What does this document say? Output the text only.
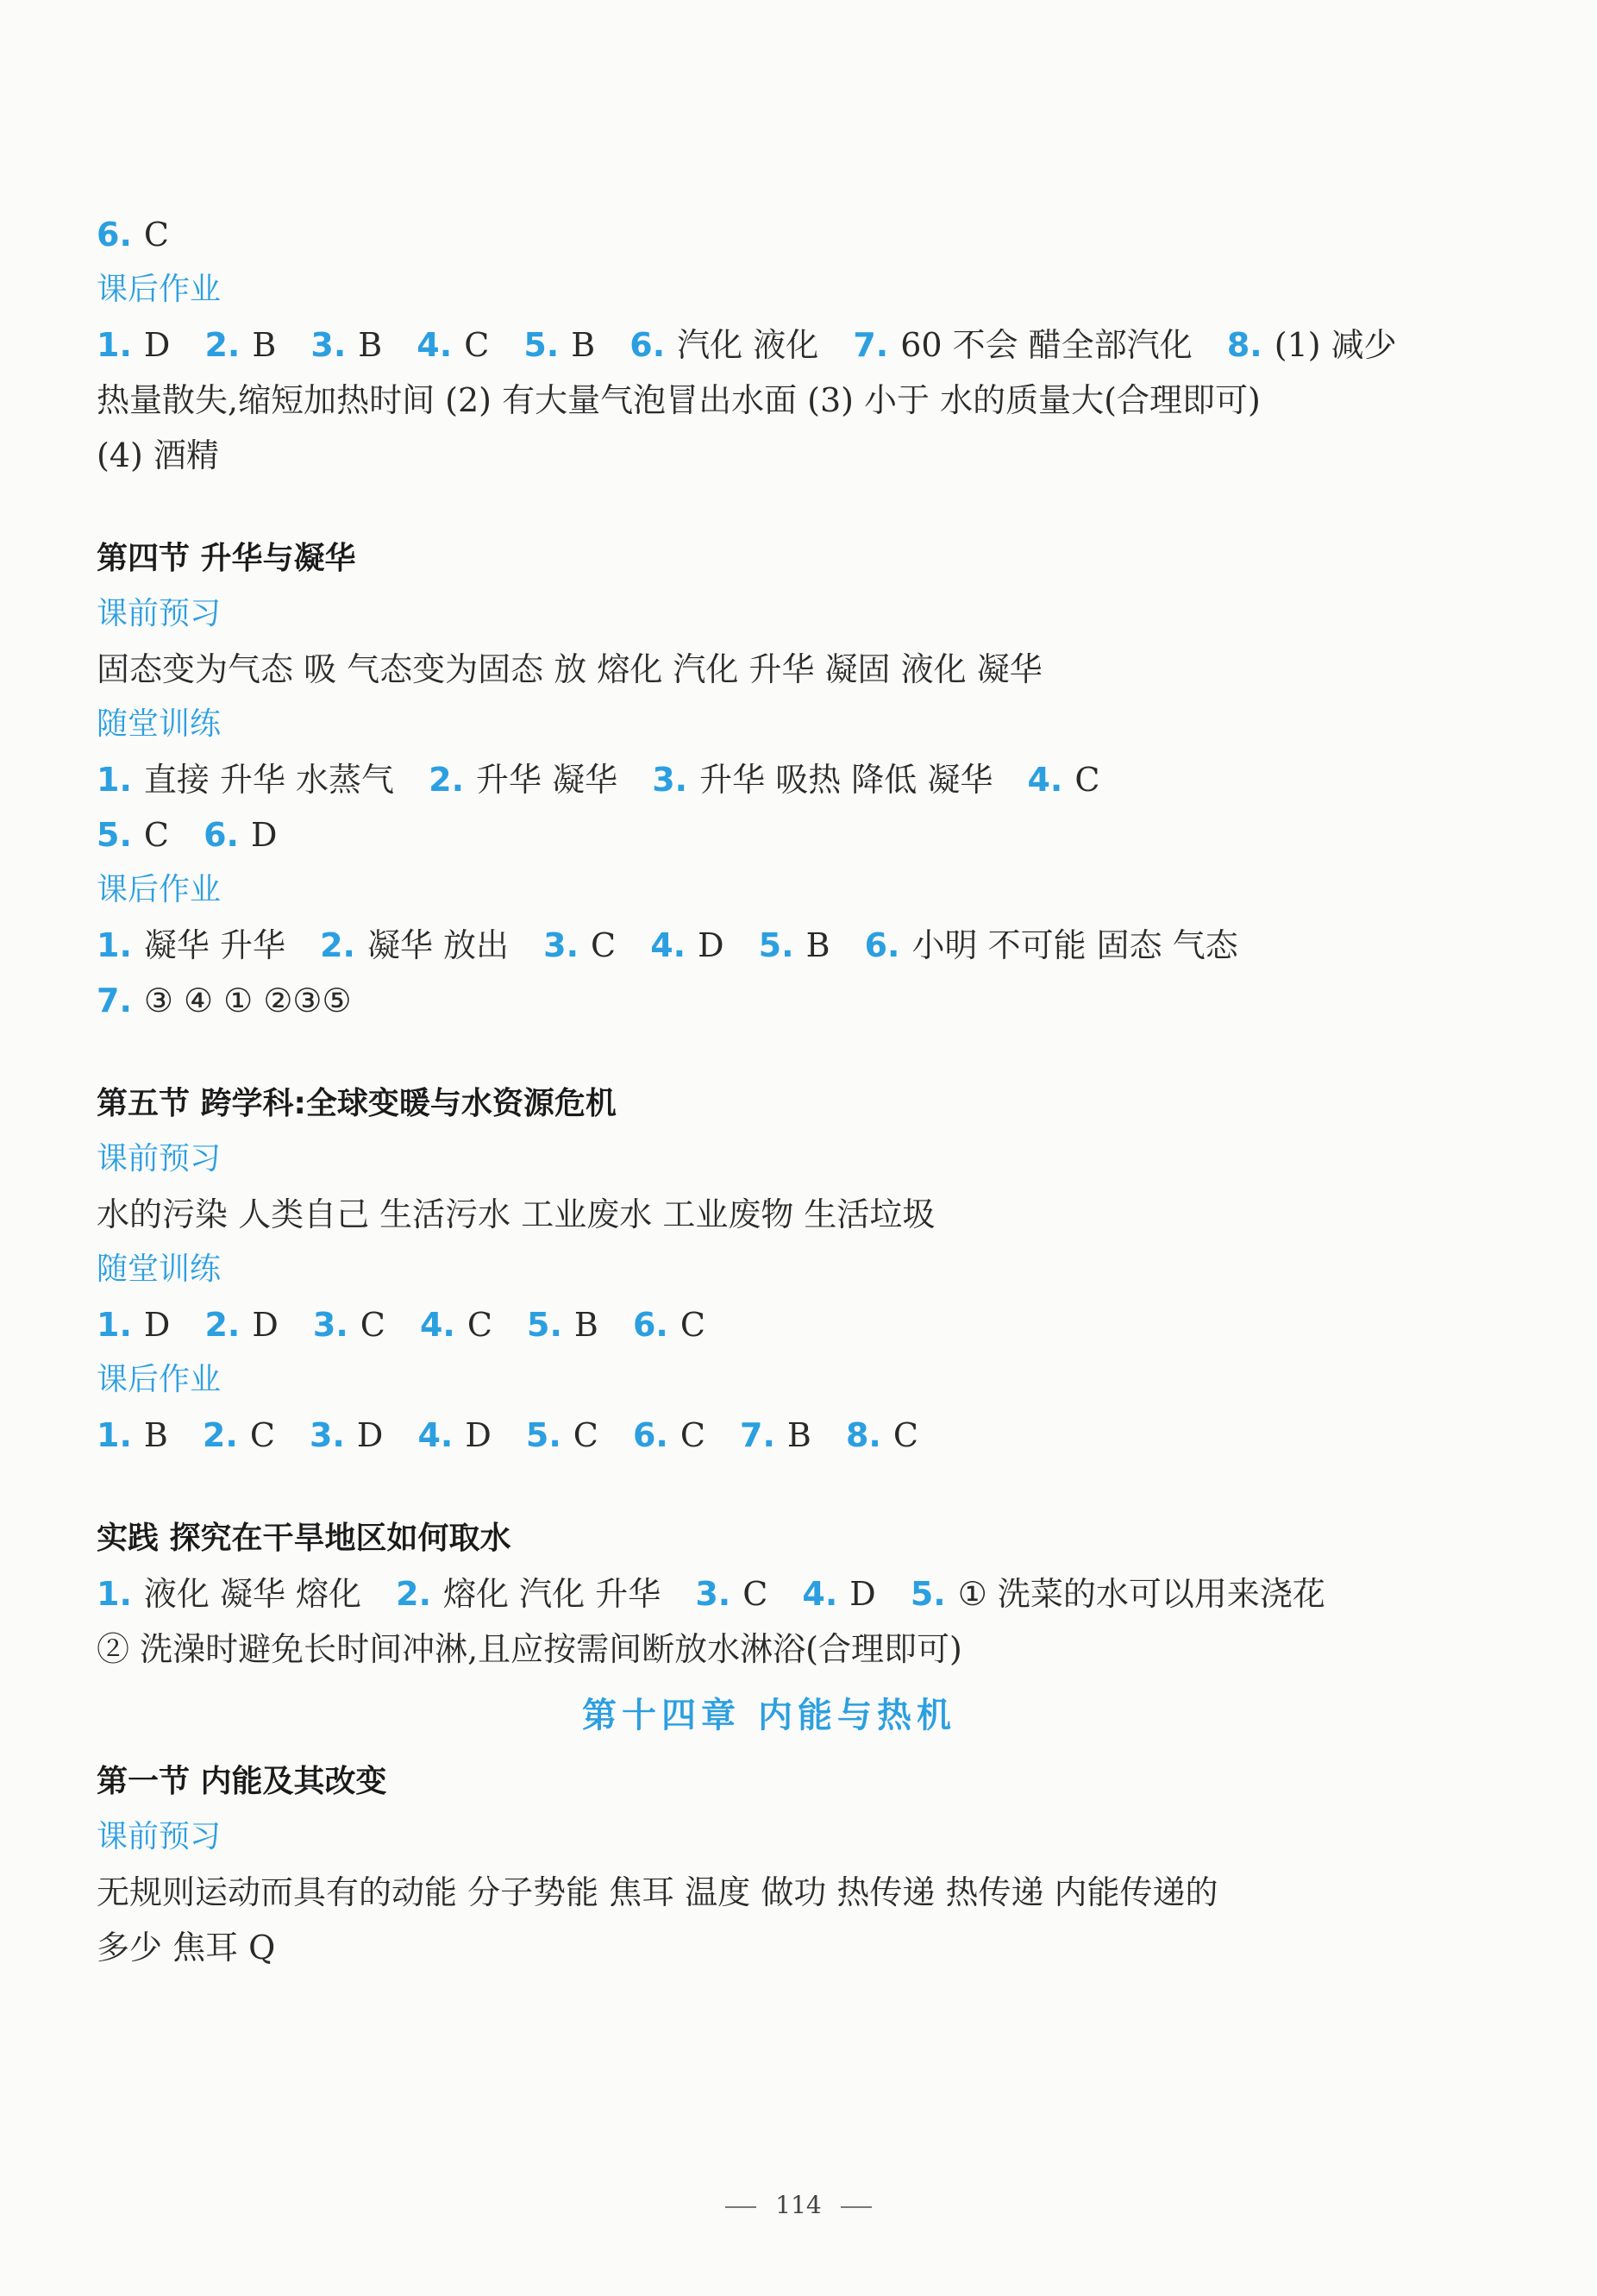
6. C
课后作业
1. D 2. B 3. B 4. C 5. B 6. 汽化 液化 7. 60 不会 醋全部汽化 8. (1) 减少
热量散失,缩短加热时间 (2) 有大量气泡冒出水面 (3) 小于 水的质量大(合理即可)
(4) 酒精
第四节 升华与凝华
课前预习
固态变为气态 吸 气态变为固态 放 熔化 汽化 升华 凝固 液化 凝华
随堂训练
1. 直接 升华 水蒸气 2. 升华 凝华 3. 升华 吸热 降低 凝华 4. C
5. C 6. D
课后作业
1. 凝华 升华 2. 凝华 放出 3. C 4. D 5. B 6. 小明 不可能 固态 气态
7. ③ ④ ① ②③⑤
第五节 跨学科:全球变暖与水资源危机
课前预习
水的污染 人类自己 生活污水 工业废水 工业废物 生活垃圾
随堂训练
1. D 2. D 3. C 4. C 5. B 6. C
课后作业
1. B 2. C 3. D 4. D 5. C 6. C 7. B 8. C
实践 探究在干旱地区如何取水
1. 液化 凝华 熔化 2. 熔化 汽化 升华 3. C 4. D 5. ① 洗菜的水可以用来浇花
② 洗澡时避免长时间冲淋,且应按需间断放水淋浴(合理即可)
第十四章 内能与热机
第一节 内能及其改变
课前预习
无规则运动而具有的动能 分子势能 焦耳 温度 做功 热传递 热传递 内能传递的
多少 焦耳 Q
114
